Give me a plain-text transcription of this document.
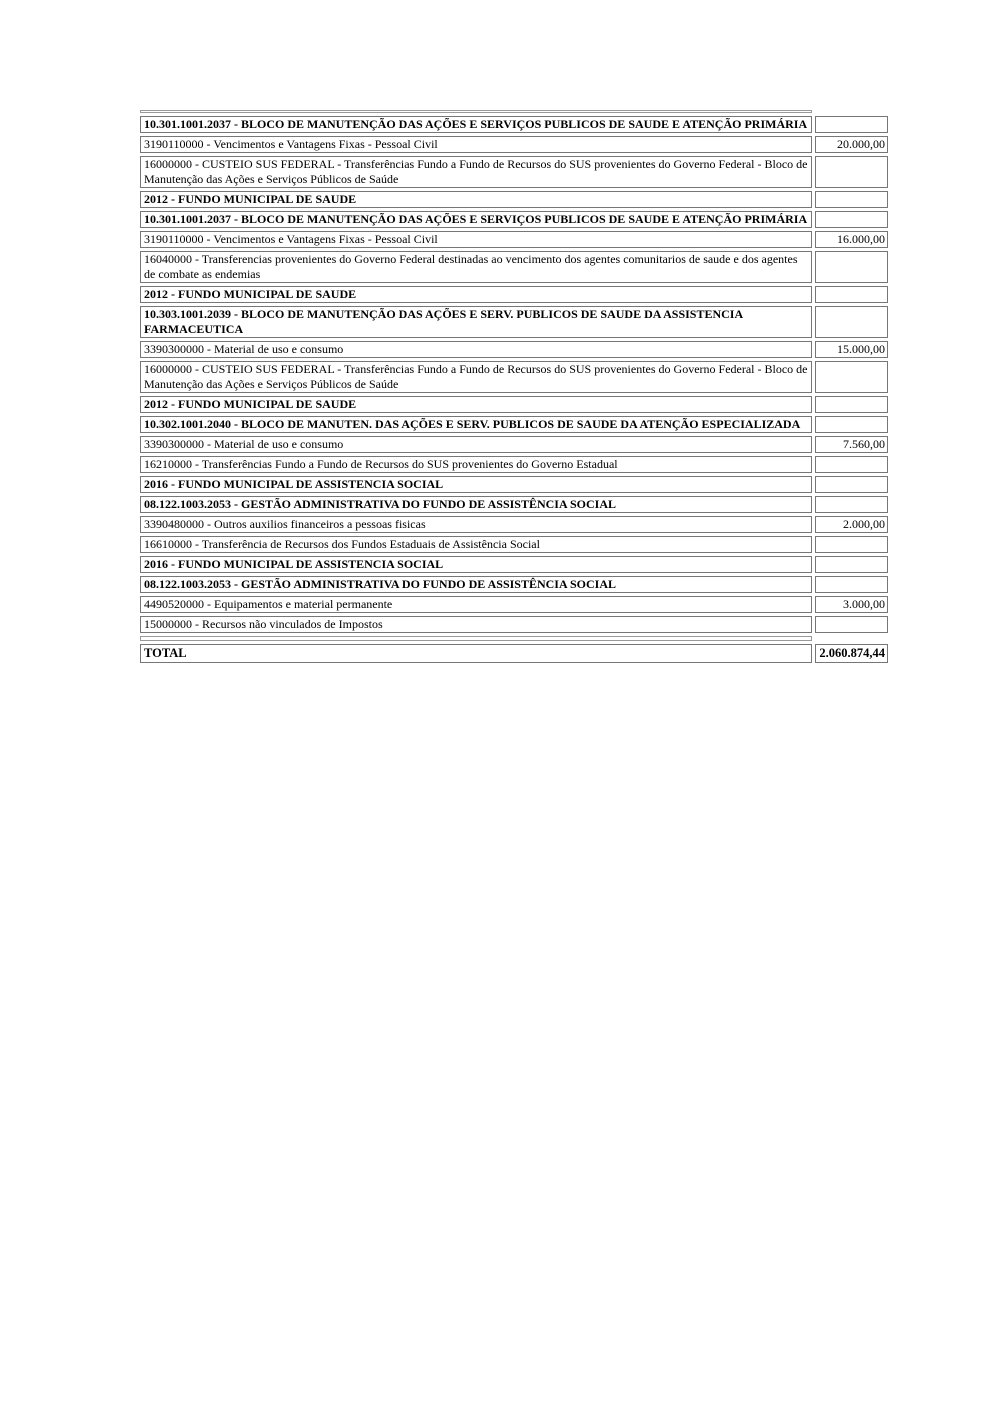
10.301.1001.2037 - BLOCO DE MANUTENÇÃO DAS AÇÕES E SERVIÇOS PUBLICOS DE SAUDE E ATENÇÃO PRIMÁRIA	
3190110000 - Vencimentos e Vantagens Fixas - Pessoal Civil	20.000,00
16000000 - CUSTEIO SUS FEDERAL - Transferências Fundo a Fundo de Recursos do SUS provenientes do Governo Federal - Bloco de Manutenção das Ações e Serviços Públicos de Saúde	
2012 - FUNDO MUNICIPAL DE SAUDE	
10.301.1001.2037 - BLOCO DE MANUTENÇÃO DAS AÇÕES E SERVIÇOS PUBLICOS DE SAUDE E ATENÇÃO PRIMÁRIA	
3190110000 - Vencimentos e Vantagens Fixas - Pessoal Civil	16.000,00
16040000 - Transferencias provenientes do Governo Federal destinadas ao vencimento dos agentes comunitarios de saude e dos agentes de combate as endemias	
2012 - FUNDO MUNICIPAL DE SAUDE	
10.303.1001.2039 - BLOCO DE MANUTENÇÃO DAS AÇÕES E SERV. PUBLICOS DE SAUDE DA ASSISTENCIA FARMACEUTICA	
3390300000 - Material de uso e consumo	15.000,00
16000000 - CUSTEIO SUS FEDERAL - Transferências Fundo a Fundo de Recursos do SUS provenientes do Governo Federal - Bloco de Manutenção das Ações e Serviços Públicos de Saúde	
2012 - FUNDO MUNICIPAL DE SAUDE	
10.302.1001.2040 - BLOCO DE MANUTEN. DAS AÇÕES E SERV. PUBLICOS DE SAUDE DA ATENÇÃO ESPECIALIZADA	
3390300000 - Material de uso e consumo	7.560,00
16210000 - Transferências Fundo a Fundo de Recursos do SUS provenientes do Governo Estadual	
2016 - FUNDO MUNICIPAL DE ASSISTENCIA SOCIAL	
08.122.1003.2053 - GESTÃO ADMINISTRATIVA DO FUNDO DE ASSISTÊNCIA SOCIAL	
3390480000 - Outros auxilios financeiros a pessoas fisicas	2.000,00
16610000 - Transferência de Recursos dos Fundos Estaduais de Assistência Social	
2016 - FUNDO MUNICIPAL DE ASSISTENCIA SOCIAL	
08.122.1003.2053 - GESTÃO ADMINISTRATIVA DO FUNDO DE ASSISTÊNCIA SOCIAL	
4490520000 - Equipamentos e material permanente	3.000,00
15000000 - Recursos não vinculados de Impostos	

TOTAL	2.060.874,44
